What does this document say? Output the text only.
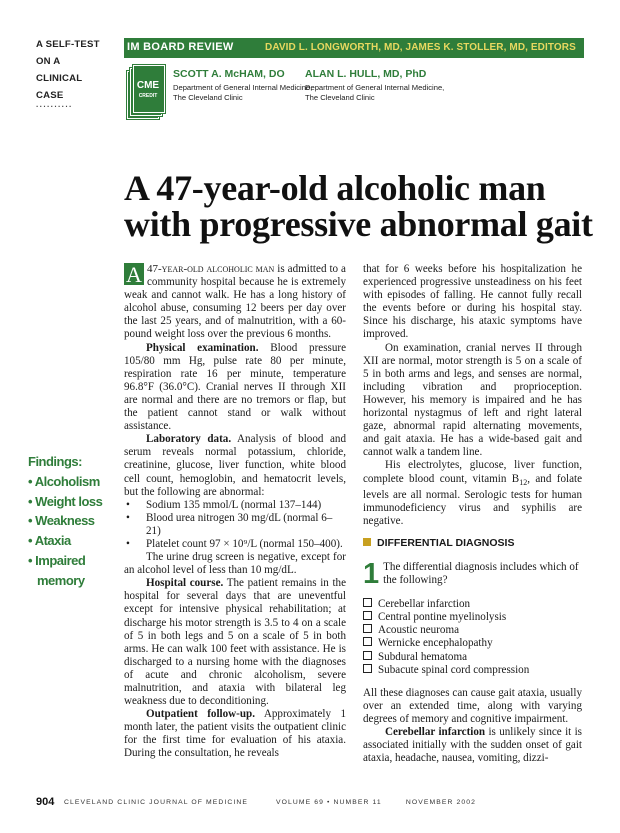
A SELF-TEST
ON A
CLINICAL
CASE
··········
IM BOARD REVIEW	DAVID L. LONGWORTH, MD, JAMES K. STOLLER, MD, EDITORS
CME
CREDIT
SCOTT A. McHAM, DO
Department of General Internal Medicine,
The Cleveland Clinic
ALAN L. HULL, MD, PhD
Department of General Internal Medicine,
The Cleveland Clinic
A 47-year-old alcoholic man
with progressive abnormal gait
Findings:
• Alcoholism
• Weight loss
• Weakness
• Ataxia
• Impaired
memory

A 47-year-old alcoholic man is admitted to a community hospital because he is extremely weak and cannot walk. He has a long history of alcohol abuse, consuming 12 beers per day over the last 25 years, and of malnutrition, with a 60-pound weight loss over the previous 6 months.

Physical examination. Blood pressure 105/80 mm Hg, pulse rate 80 per minute, respiration rate 16 per minute, temperature 96.8°F (36.0°C). Cranial nerves II through XII are normal and there are no tremors or flap, but the patient cannot stand or walk without assistance.

Laboratory data. Analysis of blood and serum reveals normal potassium, chloride, creatinine, glucose, liver function, white blood cell count, hemoglobin, and hematocrit levels, but the following are abnormal:

• Sodium 135 mmol/L (normal 137–144)
• Blood urea nitrogen 30 mg/dL (normal 6–21)
• Platelet count 97 × 10⁹/L (normal 150–400).

The urine drug screen is negative, except for an alcohol level of less than 10 mg/dL.

Hospital course. The patient remains in the hospital for several days that are uneventful except for intensive physical rehabilitation; at discharge his motor strength is 3.5 to 4 on a scale of 5 in both legs and 5 on a scale of 5 in both arms. He can walk 100 feet with assistance. He is discharged to a nursing home with the diagnoses of acute and chronic alcoholism, severe malnutrition, and ataxia with bilateral leg weakness due to deconditioning.

Outpatient follow-up. Approximately 1 month later, the patient visits the outpatient clinic for the first time for evaluation of his ataxia. During the consultation, he reveals

that for 6 weeks before his hospitalization he experienced progressive unsteadiness on his feet with episodes of falling. He cannot fully recall the events before or during his hospital stay. Since his discharge, his ataxic symptoms have improved.

On examination, cranial nerves II through XII are normal, motor strength is 5 on a scale of 5 in both arms and legs, and senses are normal, including vibration and proprioception. However, his memory is impaired and he has horizontal nystagmus of left and right lateral gaze, abnormal rapid alternating movements, and gait ataxia. He has a wide-based gait and cannot walk a tandem line.

His electrolytes, glucose, liver function, complete blood count, vitamin $B_{12}$, and folate levels are all normal. Serologic tests for human immunodeficiency virus and syphilis are negative.

DIFFERENTIAL DIAGNOSIS
1 The differential diagnosis includes which of the following?
Cerebellar infarction
Central pontine myelinolysis
Acoustic neuroma
Wernicke encephalopathy
Subdural hematoma
Subacute spinal cord compression

All these diagnoses can cause gait ataxia, usually over an extended time, along with varying degrees of memory and cognitive impairment.

Cerebellar infarction is unlikely since it is associated initially with the sudden onset of gait ataxia, headache, nausea, vomiting, dizzi-

904 CLEVELAND CLINIC JOURNAL OF MEDICINE	VOLUME 69 • NUMBER 11	NOVEMBER 2002
